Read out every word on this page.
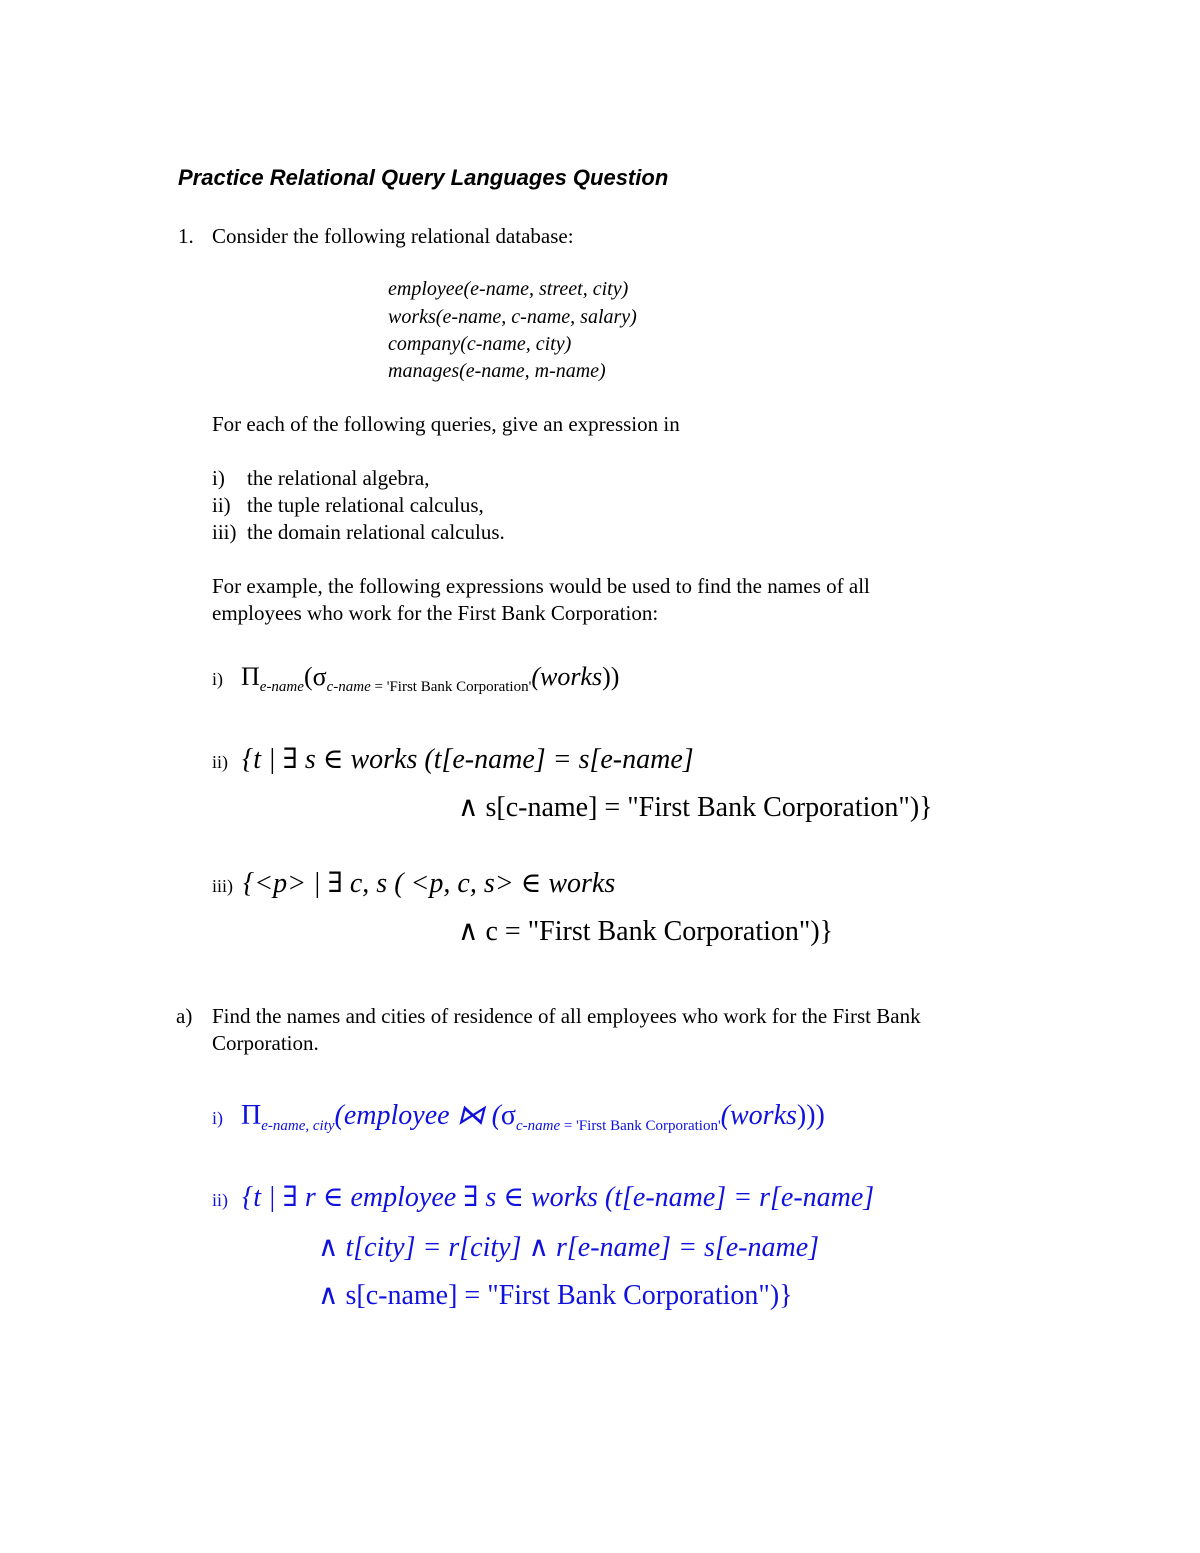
Practice Relational Query Languages Question
1. Consider the following relational database:
employee(e-name, street, city)
works(e-name, c-name, salary)
company(c-name, city)
manages(e-name, m-name)
For each of the following queries, give an expression in
i) the relational algebra,
ii) the tuple relational calculus,
iii) the domain relational calculus.
For example, the following expressions would be used to find the names of all
employees who work for the First Bank Corporation:
i) Πe-name(σc-name = 'First Bank Corporation'(works))
ii) {t | ∃ s ∈ works (t[e-name] = s[e-name]
∧ s[c-name] = "First Bank Corporation")}
iii) {<p> | ∃ c, s ( <p, c, s> ∈ works
∧ c = "First Bank Corporation")}
a) Find the names and cities of residence of all employees who work for the First Bank
Corporation.
i) Πe-name, city(employee ⋈ (σc-name = 'First Bank Corporation'(works)))
ii) {t | ∃ r ∈ employee ∃ s ∈ works (t[e-name] = r[e-name]
∧ t[city] = r[city] ∧ r[e-name] = s[e-name]
∧ s[c-name] = "First Bank Corporation")}
